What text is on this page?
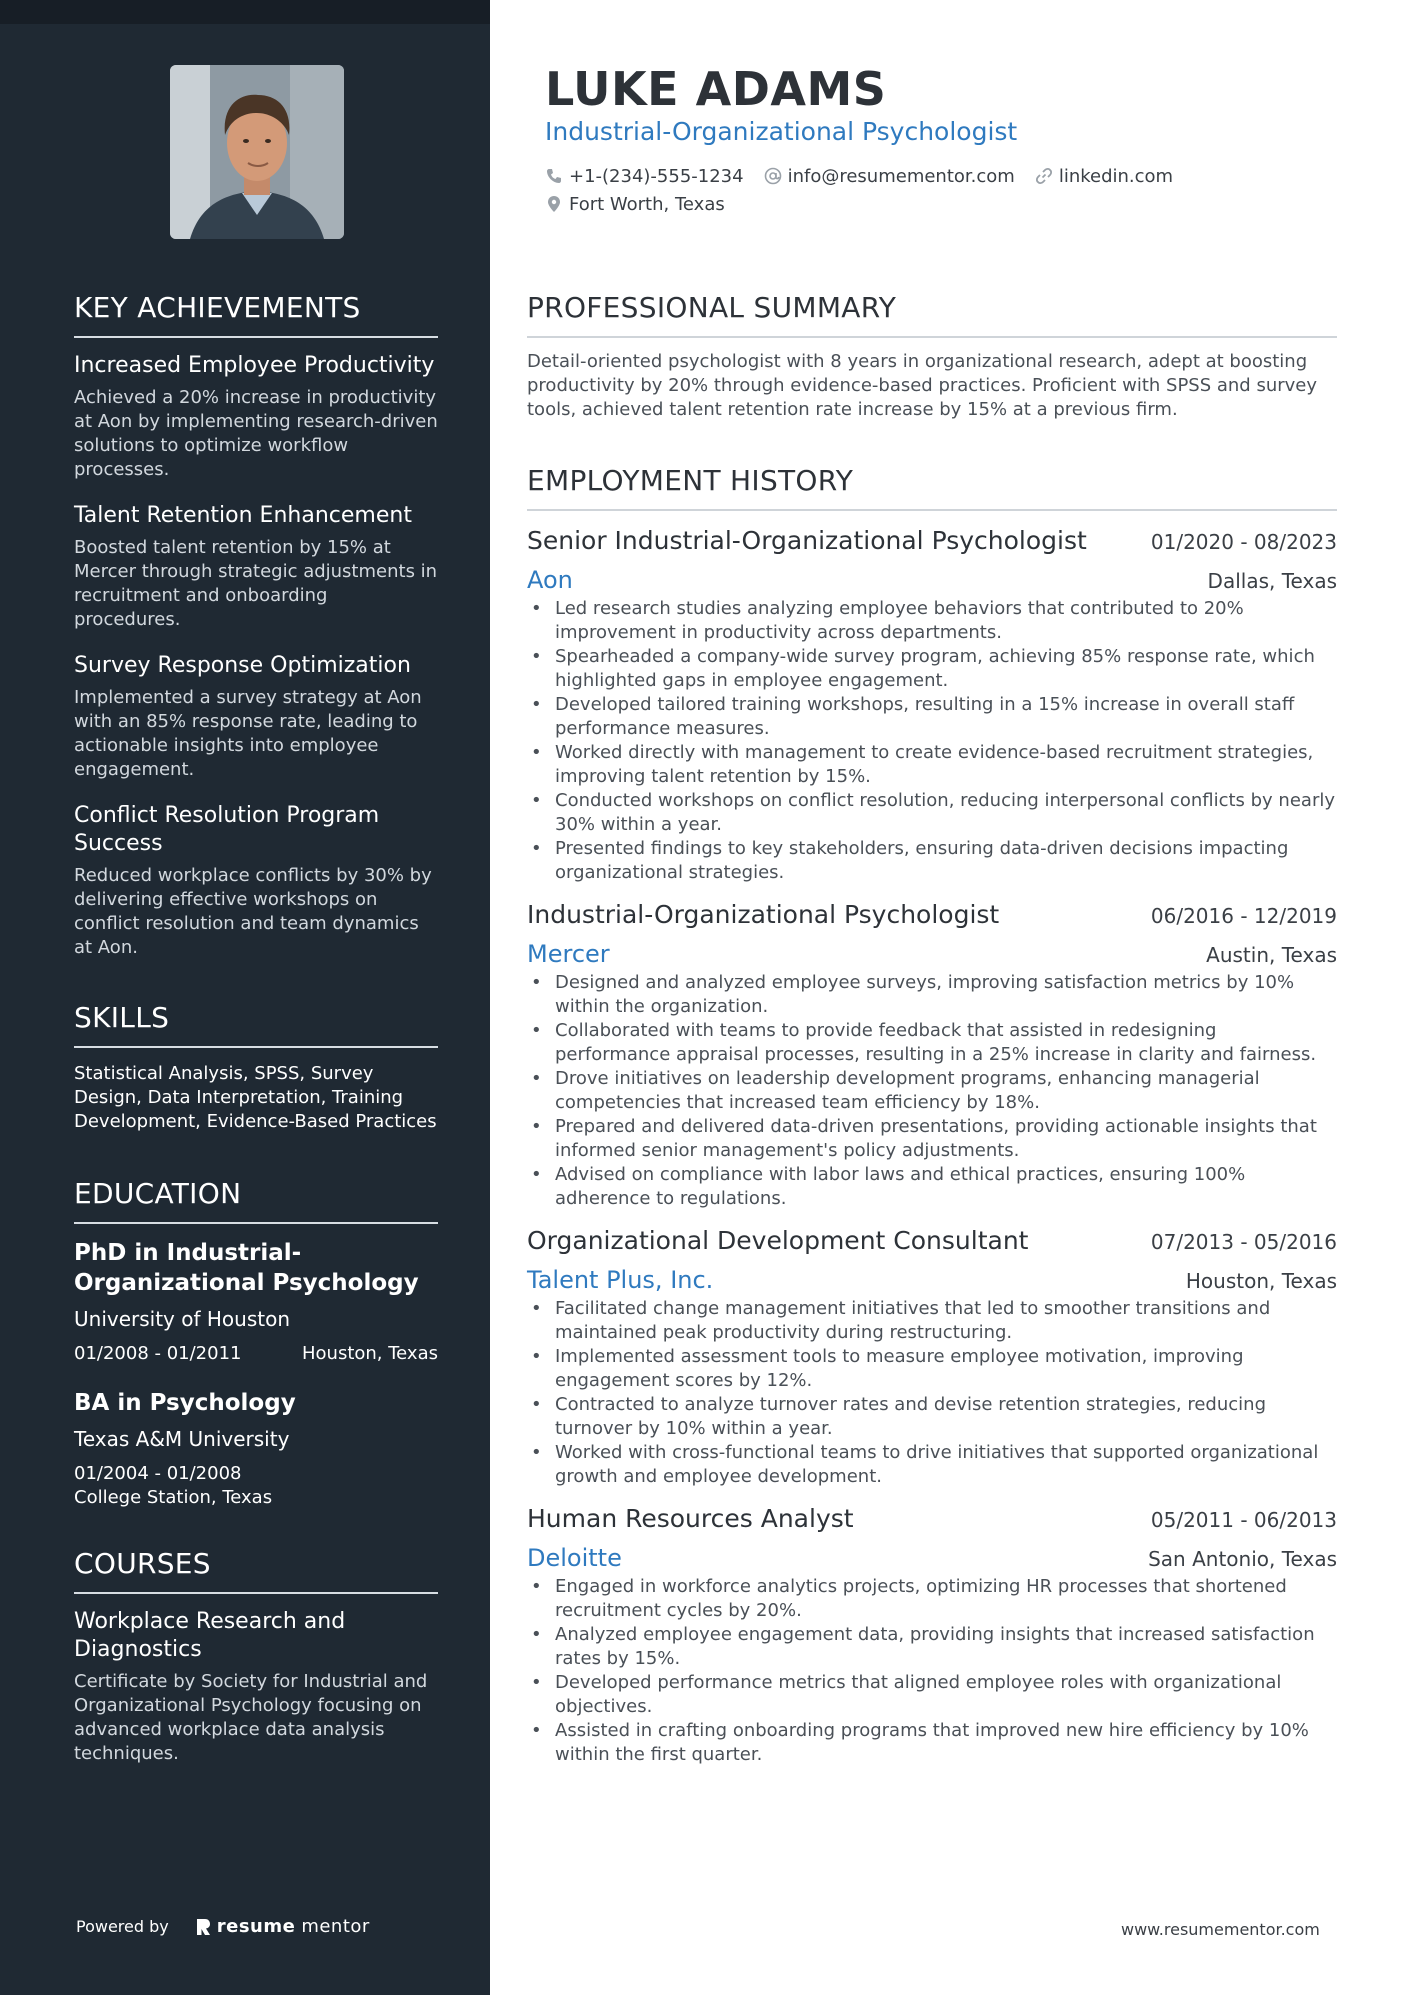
KEY ACHIEVEMENTS
Increased Employee Productivity
Achieved a 20% increase in productivity at Aon by implementing research-driven solutions to optimize workflow processes.
Talent Retention Enhancement
Boosted talent retention by 15% at Mercer through strategic adjustments in recruitment and onboarding procedures.
Survey Response Optimization
Implemented a survey strategy at Aon with an 85% response rate, leading to actionable insights into employee engagement.
Conflict Resolution Program Success
Reduced workplace conflicts by 30% by delivering effective workshops on conflict resolution and team dynamics at Aon.
SKILLS
Statistical Analysis, SPSS, Survey Design, Data Interpretation, Training Development, Evidence-Based Practices
EDUCATION
PhD in Industrial-Organizational Psychology
University of Houston
01/2008 - 01/2011	Houston, Texas
BA in Psychology
Texas A&M University
01/2004 - 01/2008
College Station, Texas
COURSES
Workplace Research and Diagnostics
Certificate by Society for Industrial and Organizational Psychology focusing on advanced workplace data analysis techniques.
Powered by	resume mentor
LUKE ADAMS
Industrial-Organizational Psychologist
+1-(234)-555-1234 info@resumementor.com linkedin.com
Fort Worth, Texas
PROFESSIONAL SUMMARY
Detail-oriented psychologist with 8 years in organizational research, adept at boosting productivity by 20% through evidence-based practices. Proficient with SPSS and survey tools, achieved talent retention rate increase by 15% at a previous firm.
EMPLOYMENT HISTORY
Senior Industrial-Organizational Psychologist	01/2020 - 08/2023
Aon	Dallas, Texas
• Led research studies analyzing employee behaviors that contributed to 20% improvement in productivity across departments.
• Spearheaded a company-wide survey program, achieving 85% response rate, which highlighted gaps in employee engagement.
• Developed tailored training workshops, resulting in a 15% increase in overall staff performance measures.
• Worked directly with management to create evidence-based recruitment strategies, improving talent retention by 15%.
• Conducted workshops on conflict resolution, reducing interpersonal conflicts by nearly 30% within a year.
• Presented findings to key stakeholders, ensuring data-driven decisions impacting organizational strategies.
Industrial-Organizational Psychologist	06/2016 - 12/2019
Mercer	Austin, Texas
• Designed and analyzed employee surveys, improving satisfaction metrics by 10% within the organization.
• Collaborated with teams to provide feedback that assisted in redesigning performance appraisal processes, resulting in a 25% increase in clarity and fairness.
• Drove initiatives on leadership development programs, enhancing managerial competencies that increased team efficiency by 18%.
• Prepared and delivered data-driven presentations, providing actionable insights that informed senior management's policy adjustments.
• Advised on compliance with labor laws and ethical practices, ensuring 100% adherence to regulations.
Organizational Development Consultant	07/2013 - 05/2016
Talent Plus, Inc.	Houston, Texas
• Facilitated change management initiatives that led to smoother transitions and maintained peak productivity during restructuring.
• Implemented assessment tools to measure employee motivation, improving engagement scores by 12%.
• Contracted to analyze turnover rates and devise retention strategies, reducing turnover by 10% within a year.
• Worked with cross-functional teams to drive initiatives that supported organizational growth and employee development.
Human Resources Analyst	05/2011 - 06/2013
Deloitte	San Antonio, Texas
• Engaged in workforce analytics projects, optimizing HR processes that shortened recruitment cycles by 20%.
• Analyzed employee engagement data, providing insights that increased satisfaction rates by 15%.
• Developed performance metrics that aligned employee roles with organizational objectives.
• Assisted in crafting onboarding programs that improved new hire efficiency by 10% within the first quarter.
www.resumementor.com
